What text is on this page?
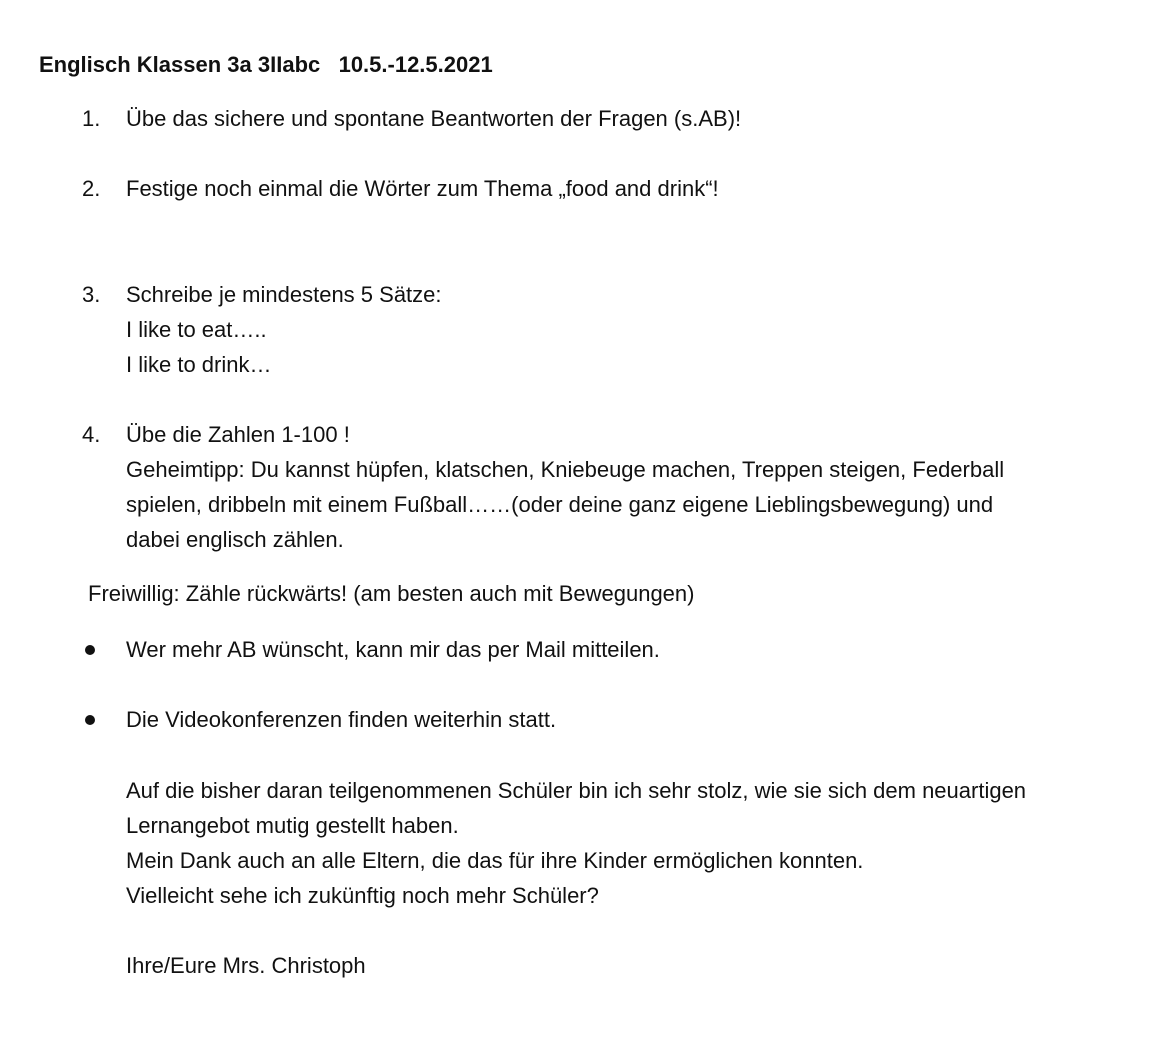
Englisch Klassen 3a 3IIabc   10.5.-12.5.2021
1. Übe das sichere und spontane Beantworten der Fragen (s.AB)!
2. Festige noch einmal die Wörter zum Thema „food and drink“!
3. Schreibe je mindestens 5 Sätze:
I like to eat…..
I like to drink…
4. Übe die Zahlen 1-100 !
Geheimtipp: Du kannst hüpfen, klatschen, Kniebeuge machen, Treppen steigen, Federball
spielen, dribbeln mit einem Fußball……(oder deine ganz eigene Lieblingsbewegung) und
dabei englisch zählen.
Freiwillig: Zähle rückwärts! (am besten auch mit Bewegungen)
Wer mehr AB wünscht, kann mir das per Mail mitteilen.
Die Videokonferenzen finden weiterhin statt.
Auf die bisher daran teilgenommenen Schüler bin ich sehr stolz, wie sie sich dem neuartigen
Lernangebot mutig gestellt haben.
Mein Dank auch an alle Eltern, die das für ihre Kinder ermöglichen konnten.
Vielleicht sehe ich zukünftig noch mehr Schüler?
Ihre/Eure Mrs. Christoph
